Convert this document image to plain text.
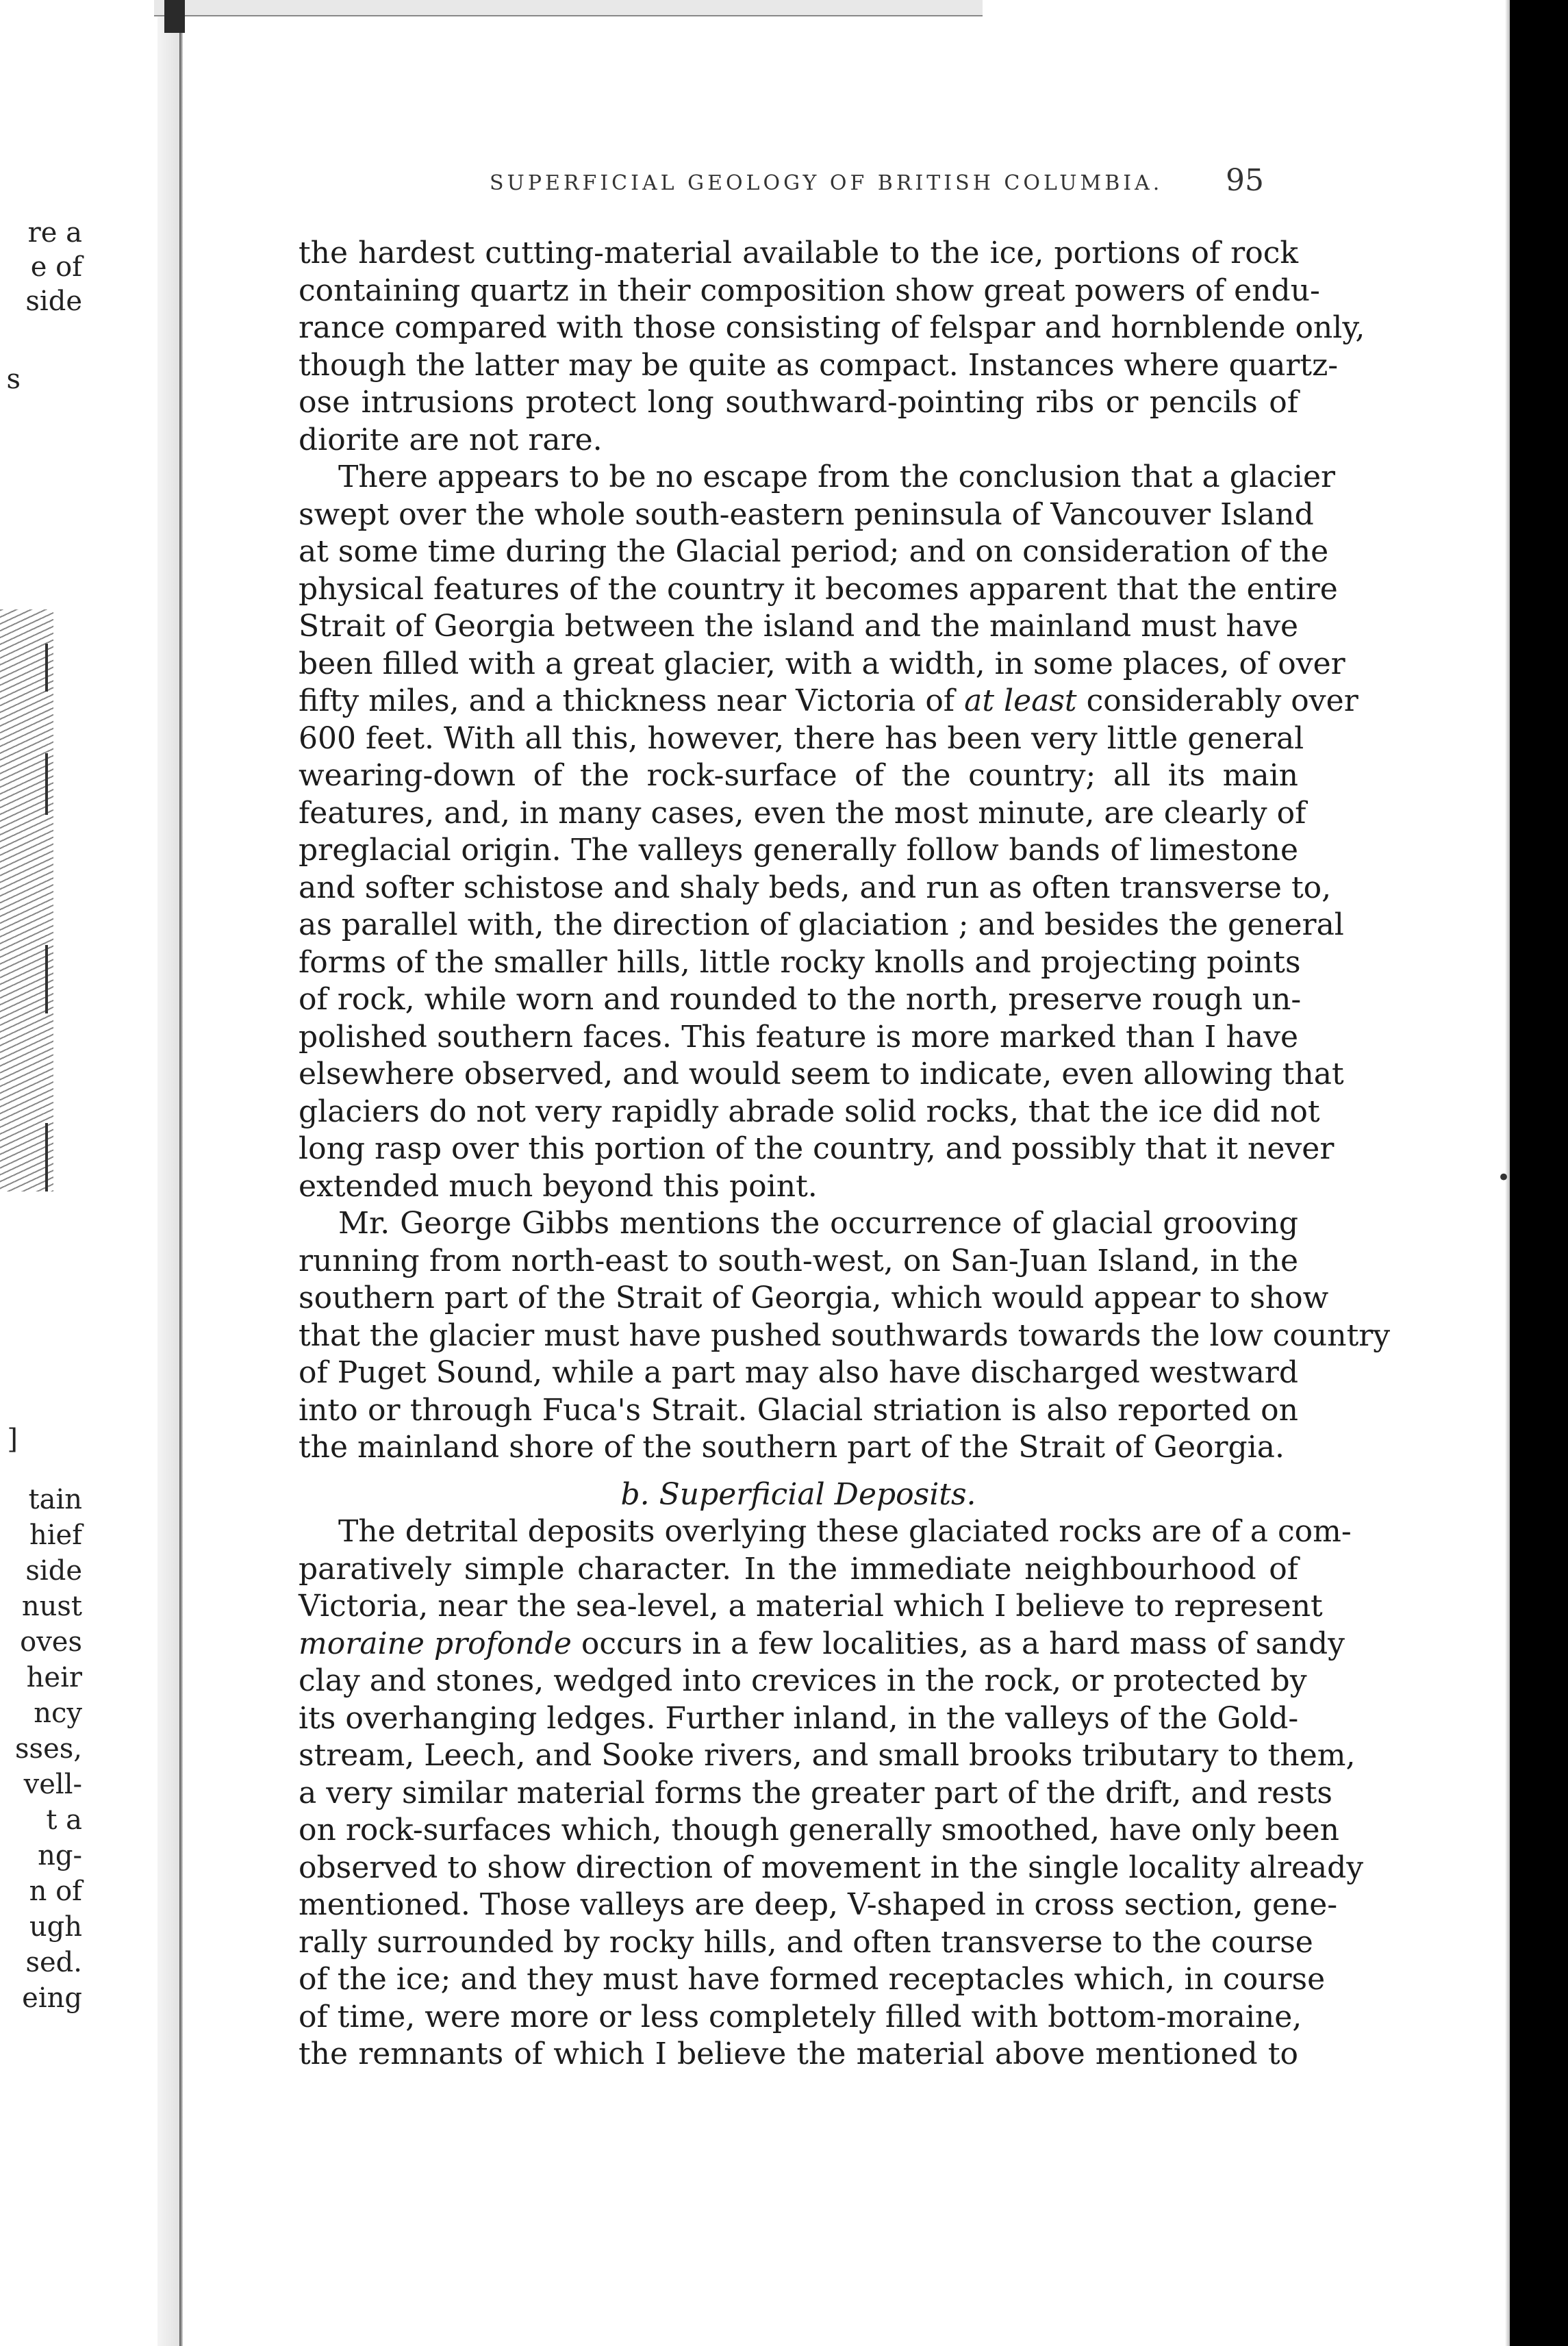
re a
e of
side
s
]
tain
hief
side
nust
oves
heir
ncy
sses,
vell-
t a
ng-
n of
ugh
sed.
eing
•
SUPERFICIAL GEOLOGY OF BRITISH COLUMBIA. 95
the hardest cutting-material available to the ice, portions of rock
containing quartz in their composition show great powers of endu-
rance compared with those consisting of felspar and hornblende only,
though the latter may be quite as compact. Instances where quartz-
ose intrusions protect long southward-pointing ribs or pencils of
diorite are not rare.
There appears to be no escape from the conclusion that a glacier
swept over the whole south-eastern peninsula of Vancouver Island
at some time during the Glacial period; and on consideration of the
physical features of the country it becomes apparent that the entire
Strait of Georgia between the island and the mainland must have
been filled with a great glacier, with a width, in some places, of over
fifty miles, and a thickness near Victoria of at least considerably over
600 feet. With all this, however, there has been very little general
wearing-down of the rock-surface of the country; all its main
features, and, in many cases, even the most minute, are clearly of
preglacial origin. The valleys generally follow bands of limestone
and softer schistose and shaly beds, and run as often transverse to,
as parallel with, the direction of glaciation ; and besides the general
forms of the smaller hills, little rocky knolls and projecting points
of rock, while worn and rounded to the north, preserve rough un-
polished southern faces. This feature is more marked than I have
elsewhere observed, and would seem to indicate, even allowing that
glaciers do not very rapidly abrade solid rocks, that the ice did not
long rasp over this portion of the country, and possibly that it never
extended much beyond this point.
Mr. George Gibbs mentions the occurrence of glacial grooving
running from north-east to south-west, on San-Juan Island, in the
southern part of the Strait of Georgia, which would appear to show
that the glacier must have pushed southwards towards the low country
of Puget Sound, while a part may also have discharged westward
into or through Fuca's Strait. Glacial striation is also reported on
the mainland shore of the southern part of the Strait of Georgia.
b. Superficial Deposits.
The detrital deposits overlying these glaciated rocks are of a com-
paratively simple character. In the immediate neighbourhood of
Victoria, near the sea-level, a material which I believe to represent
moraine profonde occurs in a few localities, as a hard mass of sandy
clay and stones, wedged into crevices in the rock, or protected by
its overhanging ledges. Further inland, in the valleys of the Gold-
stream, Leech, and Sooke rivers, and small brooks tributary to them,
a very similar material forms the greater part of the drift, and rests
on rock-surfaces which, though generally smoothed, have only been
observed to show direction of movement in the single locality already
mentioned. Those valleys are deep, V-shaped in cross section, gene-
rally surrounded by rocky hills, and often transverse to the course
of the ice; and they must have formed receptacles which, in course
of time, were more or less completely filled with bottom-moraine,
the remnants of which I believe the material above mentioned to
